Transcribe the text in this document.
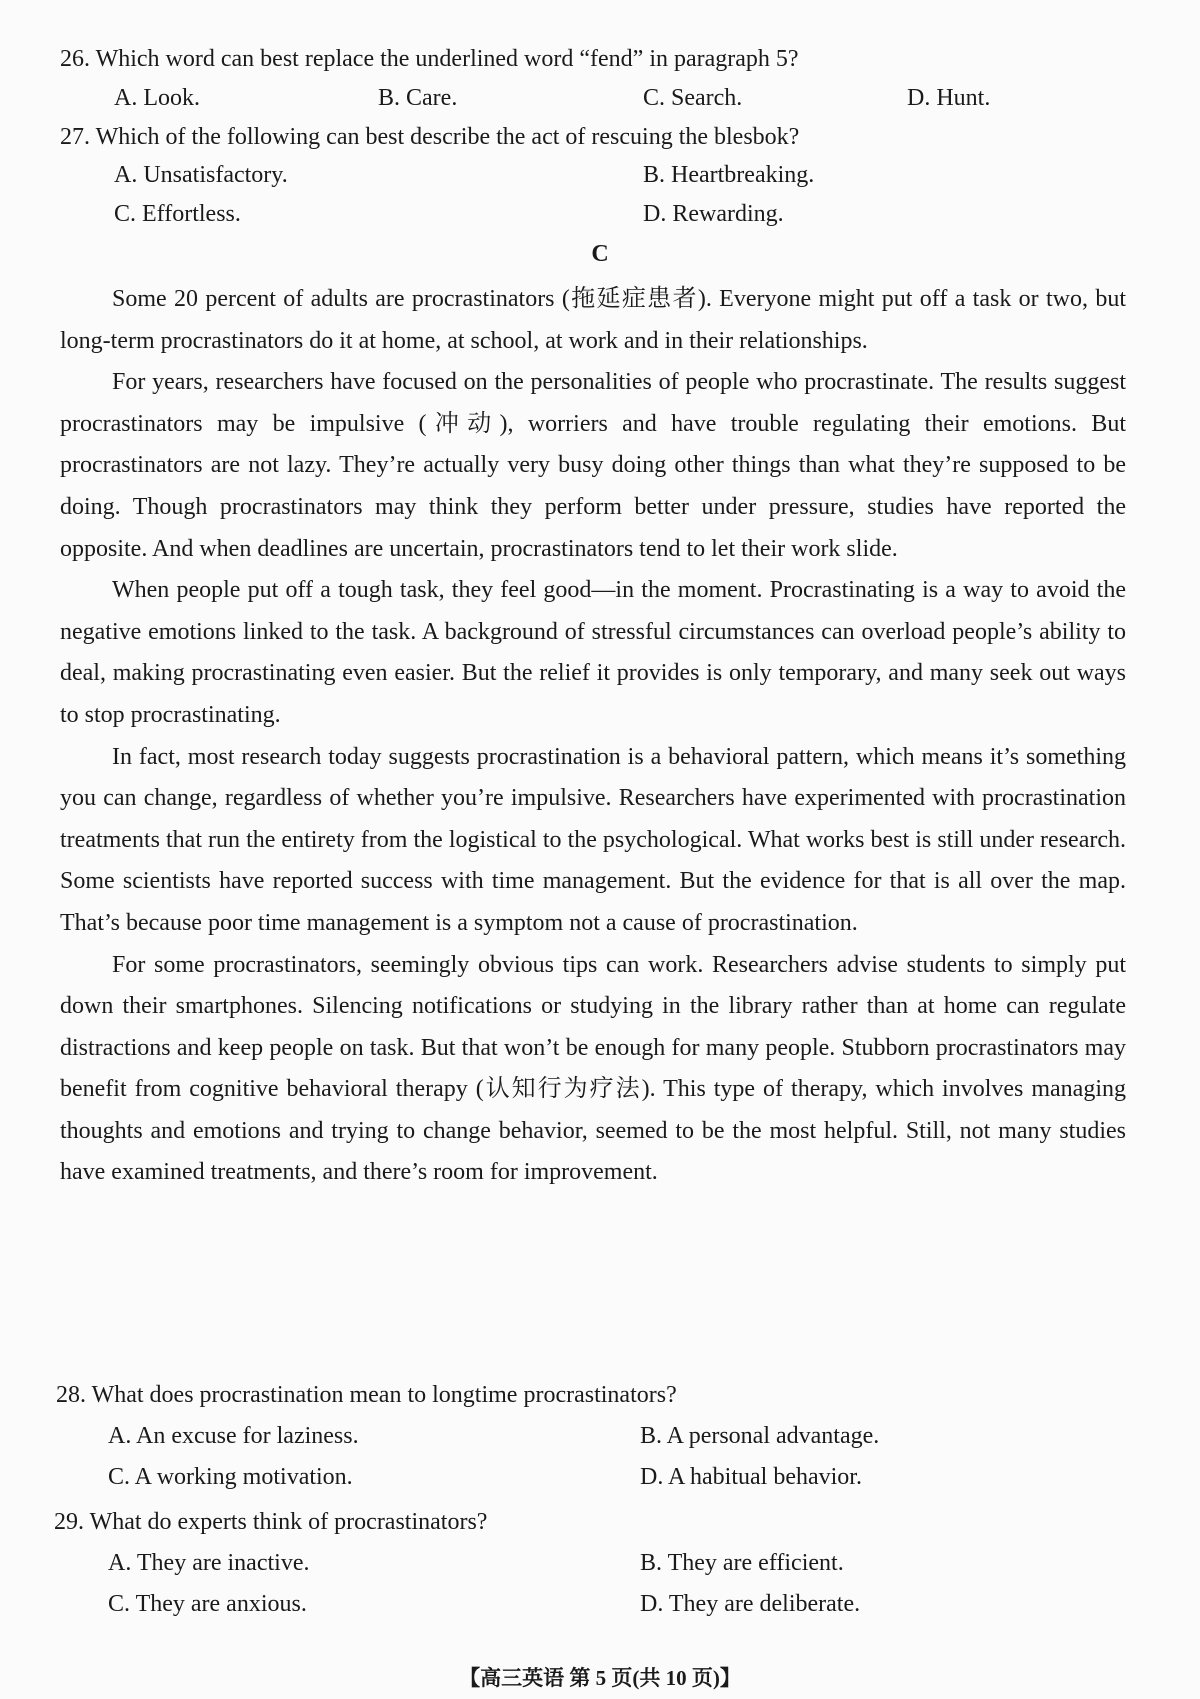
26. Which word can best replace the underlined word “fend” in paragraph 5?
A. Look.	B. Care.	C. Search.	D. Hunt.
27. Which of the following can best describe the act of rescuing the blesbok?
A. Unsatisfactory.	B. Heartbreaking.
C. Effortless.	D. Rewarding.
C

Some 20 percent of adults are procrastinators (拖延症患者). Everyone might put off a task or two, but long-term procrastinators do it at home, at school, at work and in their relationships.

For years, researchers have focused on the personalities of people who procrastinate. The results suggest procrastinators may be impulsive (冲动), worriers and have trouble regulating their emotions. But procrastinators are not lazy. They’re actually very busy doing other things than what they’re supposed to be doing. Though procrastinators may think they perform better under pressure, studies have reported the opposite. And when deadlines are uncertain, procrastinators tend to let their work slide.

When people put off a tough task, they feel good—in the moment. Procrastinating is a way to avoid the negative emotions linked to the task. A background of stressful circumstances can overload people’s ability to deal, making procrastinating even easier. But the relief it provides is only temporary, and many seek out ways to stop procrastinating.

In fact, most research today suggests procrastination is a behavioral pattern, which means it’s something you can change, regardless of whether you’re impulsive. Researchers have experimented with procrastination treatments that run the entirety from the logistical to the psychological. What works best is still under research. Some scientists have reported success with time management. But the evidence for that is all over the map. That’s because poor time management is a symptom not a cause of procrastination.

For some procrastinators, seemingly obvious tips can work. Researchers advise students to simply put down their smartphones. Silencing notifications or studying in the library rather than at home can regulate distractions and keep people on task. But that won’t be enough for many people. Stubborn procrastinators may benefit from cognitive behavioral therapy (认知行为疗法). This type of therapy, which involves managing thoughts and emotions and trying to change behavior, seemed to be the most helpful. Still, not many studies have examined treatments, and there’s room for improvement.

28. What does procrastination mean to longtime procrastinators?
A. An excuse for laziness.	B. A personal advantage.
C. A working motivation.	D. A habitual behavior.
29. What do experts think of procrastinators?
A. They are inactive.	B. They are efficient.
C. They are anxious.	D. They are deliberate.
【高三英语 第 5 页(共 10 页)】
